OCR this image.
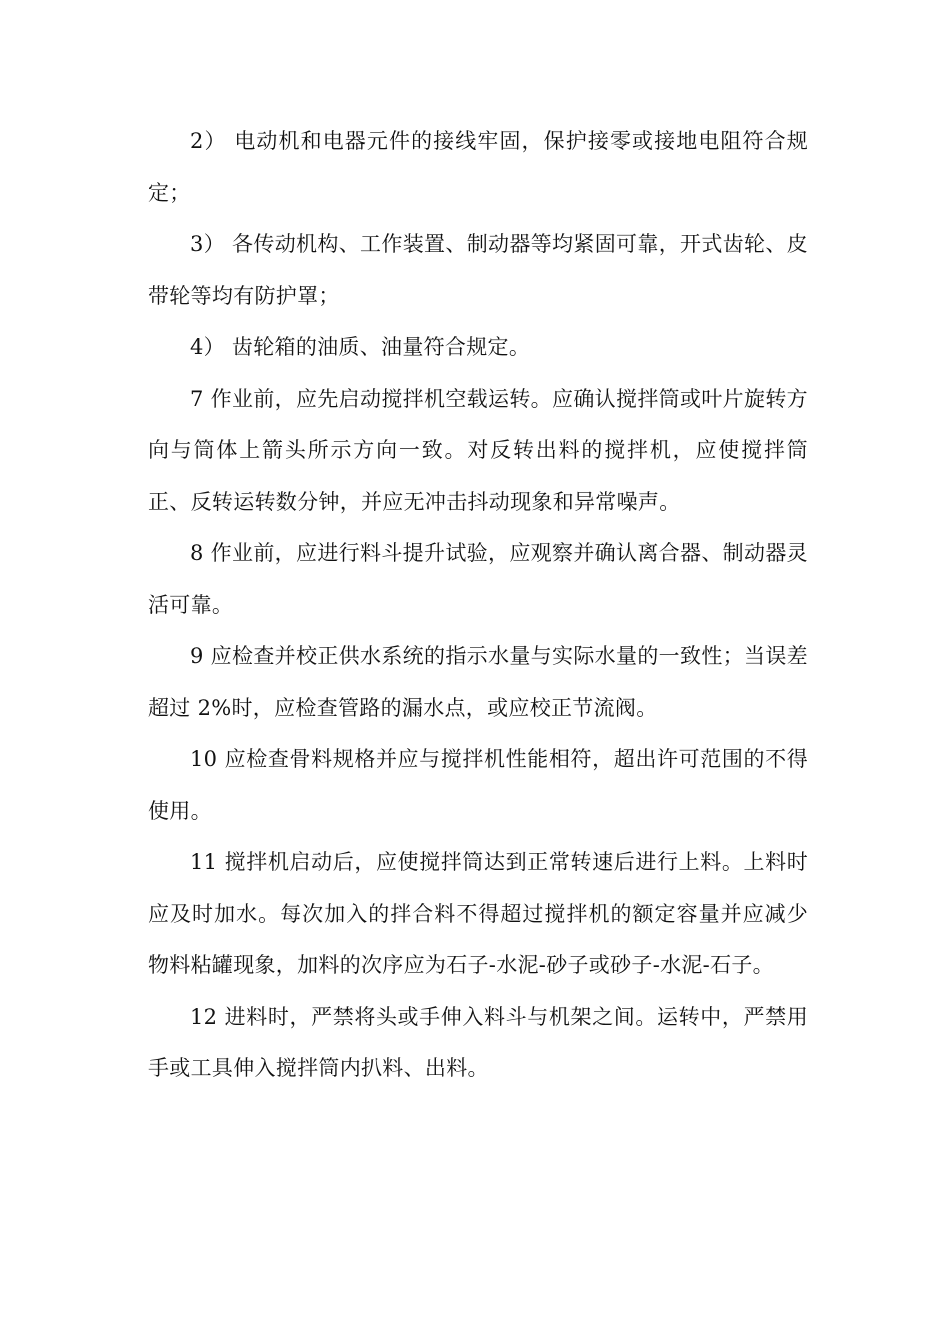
2） 电动机和电器元件的接线牢固，保护接零或接地电阻符合规定；

3） 各传动机构、工作装置、制动器等均紧固可靠，开式齿轮、皮带轮等均有防护罩；

4） 齿轮箱的油质、油量符合规定。

7 作业前，应先启动搅拌机空载运转。应确认搅拌筒或叶片旋转方向与筒体上箭头所示方向一致。对反转出料的搅拌机，应使搅拌筒正、反转运转数分钟，并应无冲击抖动现象和异常噪声。

8 作业前，应进行料斗提升试验，应观察并确认离合器、制动器灵活可靠。

9 应检查并校正供水系统的指示水量与实际水量的一致性；当误差超过 2%时，应检查管路的漏水点，或应校正节流阀。

10 应检查骨料规格并应与搅拌机性能相符，超出许可范围的不得使用。

11 搅拌机启动后，应使搅拌筒达到正常转速后进行上料。上料时应及时加水。每次加入的拌合料不得超过搅拌机的额定容量并应减少物料粘罐现象，加料的次序应为石子-水泥-砂子或砂子-水泥-石子。

12 进料时，严禁将头或手伸入料斗与机架之间。运转中，严禁用手或工具伸入搅拌筒内扒料、出料。
